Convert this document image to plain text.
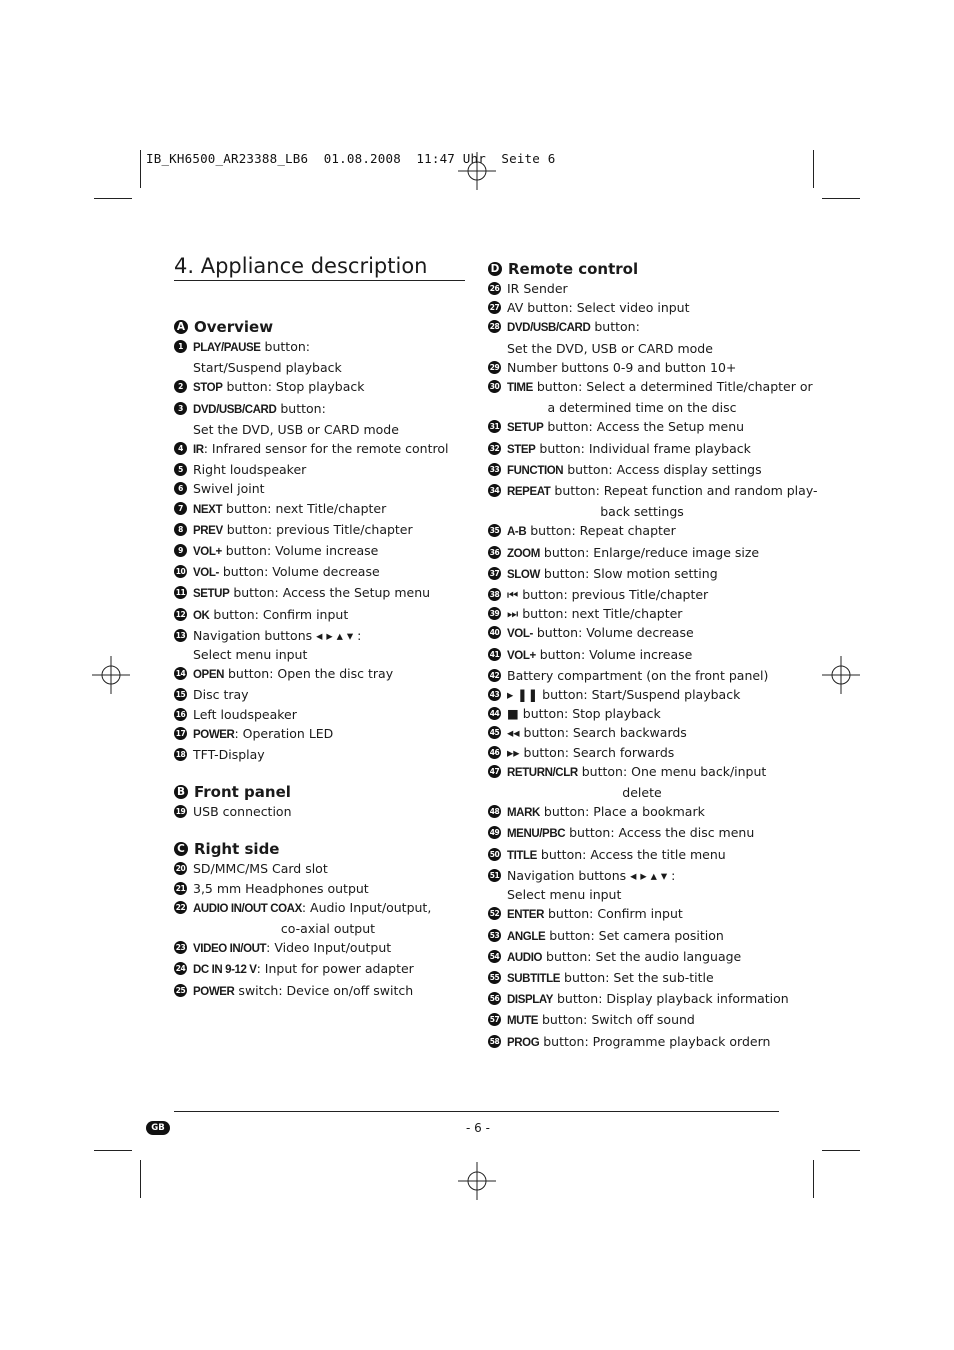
IB_KH6500_AR23388_LB6  01.08.2008  11:47 Uhr  Seite 6
4. Appliance description
A Overview
1 PLAY/PAUSE button:
Start/Suspend playback
2 STOP button: Stop playback
3 DVD/USB/CARD button:
Set the DVD, USB or CARD mode
4 IR: Infrared sensor for the remote control
5 Right loudspeaker
6 Swivel joint
7 NEXT button: next Title/chapter
8 PREV button: previous Title/chapter
9 VOL+ button: Volume increase
10 VOL- button: Volume decrease
11 SETUP button: Access the Setup menu
12 OK button: Confirm input
13 Navigation buttons ◂ ▸ ▴ ▾ :
Select menu input
14 OPEN button: Open the disc tray
15 Disc tray
16 Left loudspeaker
17 POWER: Operation LED
18 TFT-Display
B Front panel
19 USB connection
C Right side
20 SD/MMC/MS Card slot
21 3,5 mm Headphones output
22 AUDIO IN/OUT COAX: Audio Input/output,
co-axial output
23 VIDEO IN/OUT: Video Input/output
24 DC IN 9-12 V: Input for power adapter
25 POWER switch: Device on/off switch
D Remote control
26 IR Sender
27 AV button: Select video input
28 DVD/USB/CARD button:
Set the DVD, USB or CARD mode
29 Number buttons 0-9 and button 10+
30 TIME button: Select a determined Title/chapter or
a determined time on the disc
31 SETUP button: Access the Setup menu
32 STEP button: Individual frame playback
33 FUNCTION button: Access display settings
34 REPEAT button: Repeat function and random play-
back settings
35 A-B button: Repeat chapter
36 ZOOM button: Enlarge/reduce image size
37 SLOW button: Slow motion setting
38 ⏮ button: previous Title/chapter
39 ⏭ button: next Title/chapter
40 VOL- button: Volume decrease
41 VOL+ button: Volume increase
42 Battery compartment (on the front panel)
43 ▸ ❚❚ button: Start/Suspend playback
44 ■ button: Stop playback
45 ◂◂ button: Search backwards
46 ▸▸ button: Search forwards
47 RETURN/CLR button: One menu back/input
delete
48 MARK button: Place a bookmark
49 MENU/PBC button: Access the disc menu
50 TITLE button: Access the title menu
51 Navigation buttons ◂ ▸ ▴ ▾ :
Select menu input
52 ENTER button: Confirm input
53 ANGLE button: Set camera position
54 AUDIO button: Set the audio language
55 SUBTITLE button: Set the sub-title
56 DISPLAY button: Display playback information
57 MUTE button: Switch off sound
58 PROG button: Programme playback ordern
GB	- 6 -
